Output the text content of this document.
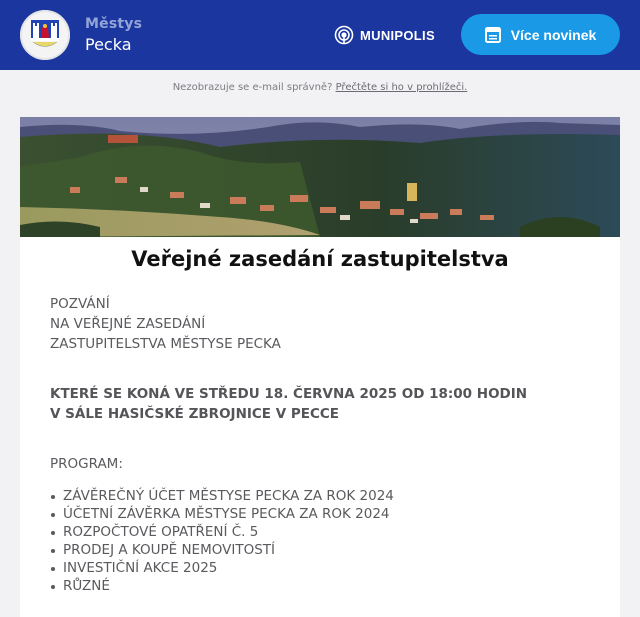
Městys
Pecka	MUNIPOLIS	Více novinek
Nezobrazuje se e-mail správně? Přečtěte si ho v prohlížeči.
Veřejné zasedání zastupitelstva
POZVÁNÍ
NA VEŘEJNÉ ZASEDÁNÍ
ZASTUPITELSTVA MĚSTYSE PECKA
KTERÉ SE KONÁ VE STŘEDU 18. ČERVNA 2025 OD 18:00 HODIN
V SÁLE HASIČSKÉ ZBROJNICE V PECCE
PROGRAM:
ZÁVĚREČNÝ ÚČET MĚSTYSE PECKA ZA ROK 2024
ÚČETNÍ ZÁVĚRKA MĚSTYSE PECKA ZA ROK 2024
ROZPOČTOVÉ OPATŘENÍ Č. 5
PRODEJ A KOUPĚ NEMOVITOSTÍ
INVESTIČNÍ AKCE 2025
RŮZNÉ
